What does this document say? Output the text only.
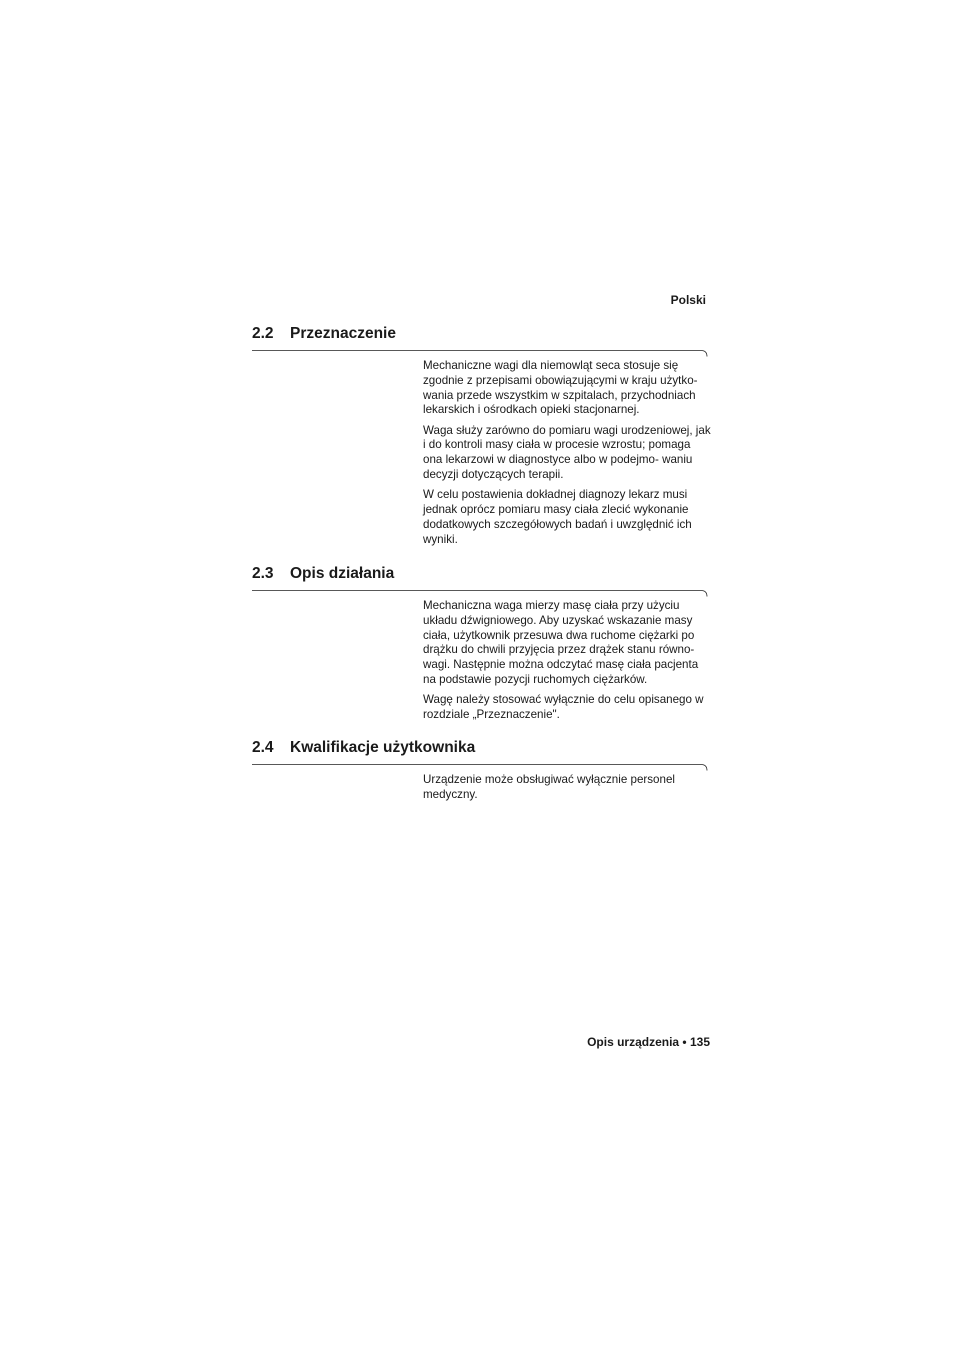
Polski
2.2 Przeznaczenie

Mechaniczne wagi dla niemowląt seca stosuje się zgodnie z przepisami obowiązującymi w kraju użytko- wania przede wszystkim w szpitalach, przychodniach lekarskich i ośrodkach opieki stacjonarnej.

Waga służy zarówno do pomiaru wagi urodzeniowej, jak i do kontroli masy ciała w procesie wzrostu; pomaga ona lekarzowi w diagnostyce albo w podejmo- waniu decyzji dotyczących terapii.

W celu postawienia dokładnej diagnozy lekarz musi jednak oprócz pomiaru masy ciała zlecić wykonanie dodatkowych szczegółowych badań i uwzględnić ich wyniki.

2.3 Opis działania

Mechaniczna waga mierzy masę ciała przy użyciu układu dźwigniowego. Aby uzyskać wskazanie masy ciała, użytkownik przesuwa dwa ruchome ciężarki po drążku do chwili przyjęcia przez drążek stanu równo- wagi. Następnie można odczytać masę ciała pacjenta na podstawie pozycji ruchomych ciężarków.

Wagę należy stosować wyłącznie do celu opisanego w rozdziale „Przeznaczenie".

2.4 Kwalifikacje użytkownika

Urządzenie może obsługiwać wyłącznie personel medyczny.

Opis urządzenia • 135
